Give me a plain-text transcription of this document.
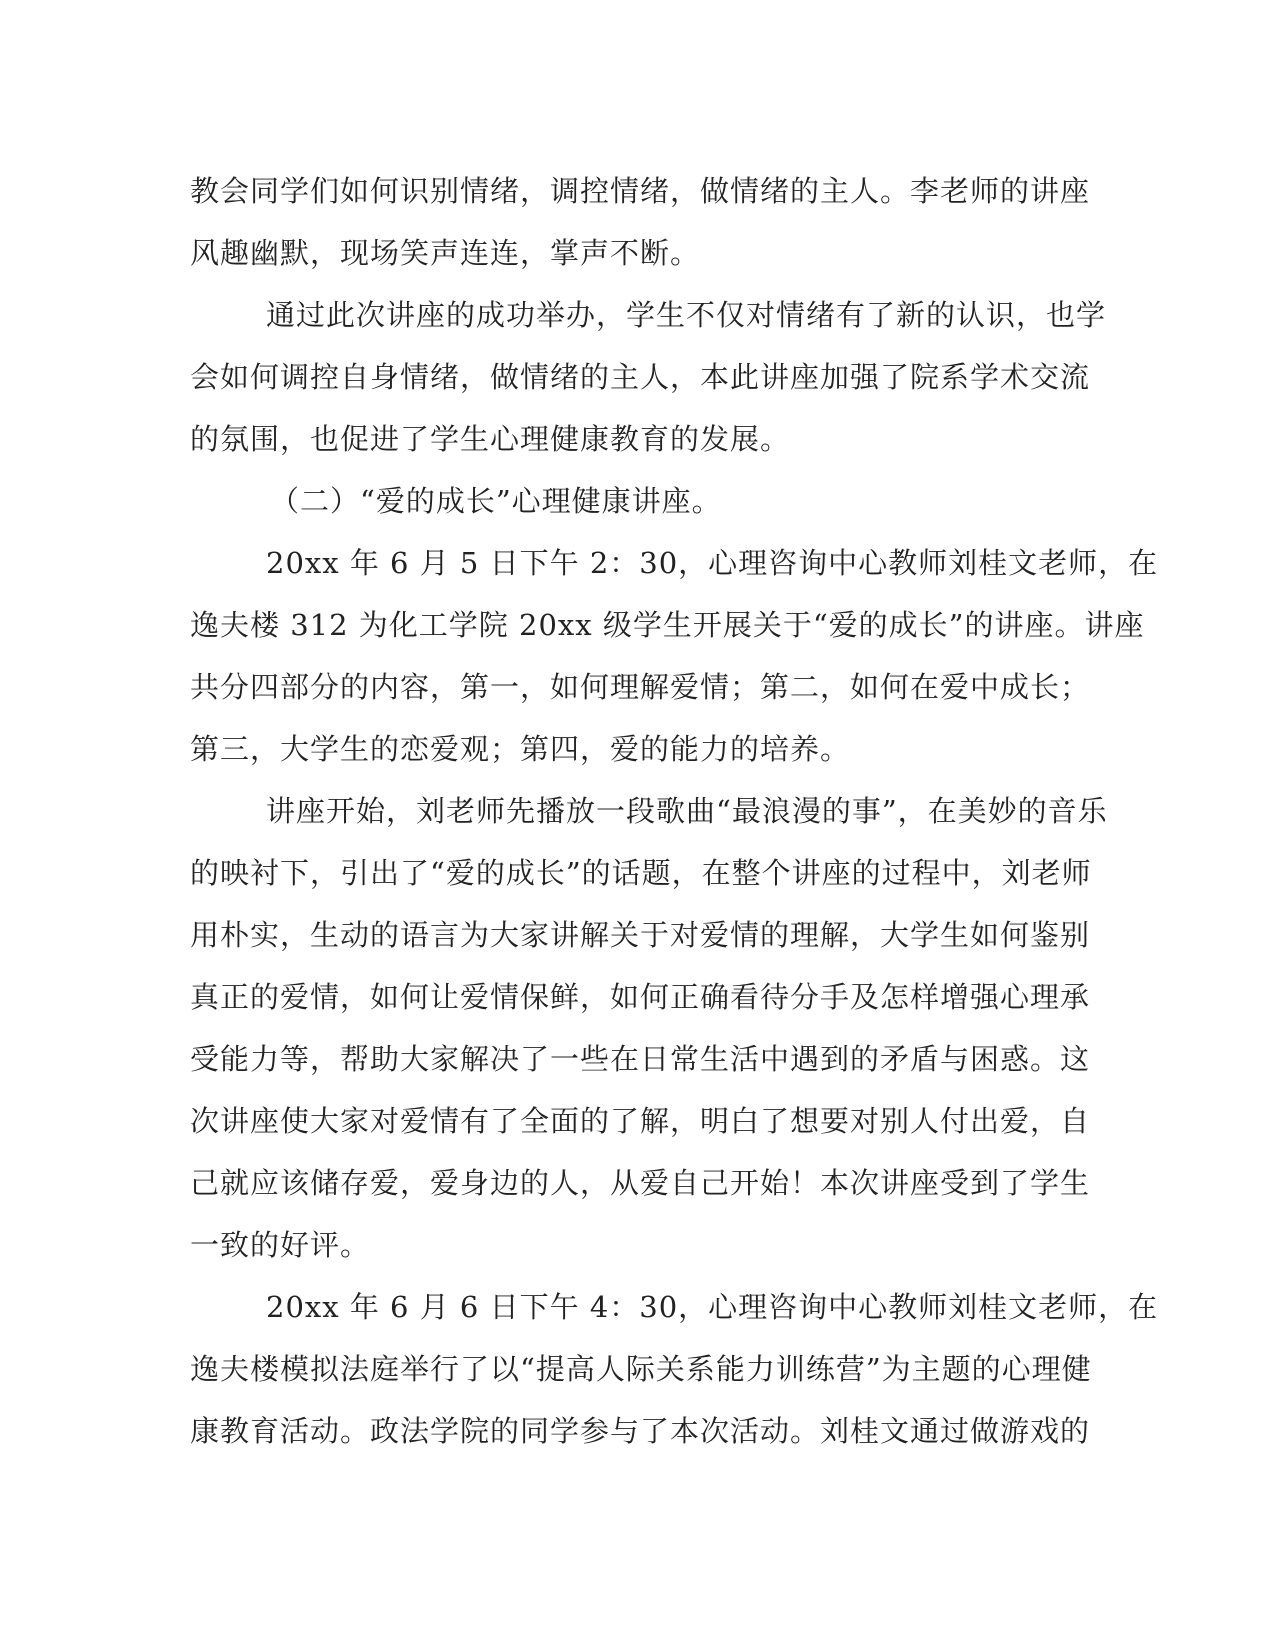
教会同学们如何识别情绪，调控情绪，做情绪的主人。李老师的讲座
风趣幽默，现场笑声连连，掌声不断。
通过此次讲座的成功举办，学生不仅对情绪有了新的认识，也学
会如何调控自身情绪，做情绪的主人，本此讲座加强了院系学术交流
的氛围，也促进了学生心理健康教育的发展。
（二）“爱的成长”心理健康讲座。
20xx 年 6 月 5 日下午 2：30，心理咨询中心教师刘桂文老师，在
逸夫楼 312 为化工学院 20xx 级学生开展关于“爱的成长”的讲座。讲座
共分四部分的内容，第一，如何理解爱情；第二，如何在爱中成长；
第三，大学生的恋爱观；第四，爱的能力的培养。
讲座开始，刘老师先播放一段歌曲“最浪漫的事”，在美妙的音乐
的映衬下，引出了“爱的成长”的话题，在整个讲座的过程中，刘老师
用朴实，生动的语言为大家讲解关于对爱情的理解，大学生如何鉴别
真正的爱情，如何让爱情保鲜，如何正确看待分手及怎样增强心理承
受能力等，帮助大家解决了一些在日常生活中遇到的矛盾与困惑。这
次讲座使大家对爱情有了全面的了解，明白了想要对别人付出爱，自
己就应该储存爱，爱身边的人，从爱自己开始！本次讲座受到了学生
一致的好评。
20xx 年 6 月 6 日下午 4：30，心理咨询中心教师刘桂文老师，在
逸夫楼模拟法庭举行了以“提高人际关系能力训练营”为主题的心理健
康教育活动。政法学院的同学参与了本次活动。刘桂文通过做游戏的
